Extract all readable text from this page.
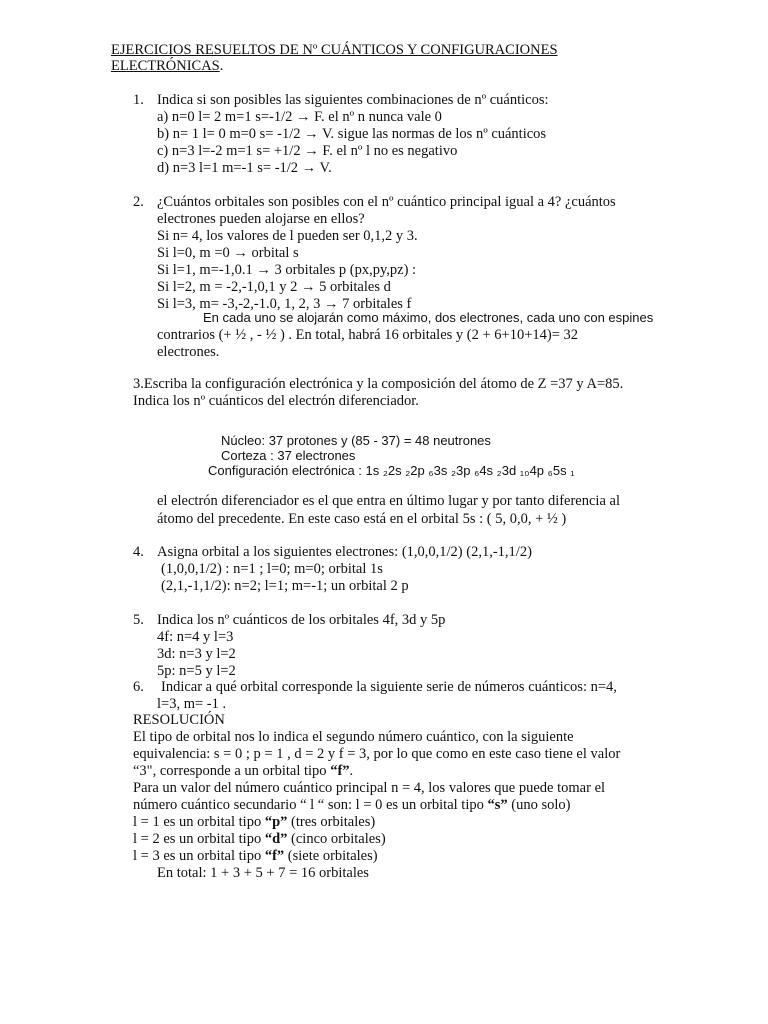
EJERCICIOS RESUELTOS DE Nº CUÁNTICOS Y CONFIGURACIONES
ELECTRÓNICAS.
1. Indica si son posibles las siguientes combinaciones de nº cuánticos:
a) n=0 l= 2 m=1 s=-1/2 → F. el nº n nunca vale 0
b) n= 1 l= 0 m=0 s= -1/2 → V. sigue las normas de los nº cuánticos
c) n=3 l=-2 m=1 s= +1/2 → F. el nº l no es negativo
d) n=3 l=1 m=-1 s= -1/2 → V.
2. ¿Cuántos orbitales son posibles con el nº cuántico principal igual a 4? ¿cuántos
electrones pueden alojarse en ellos?
Si n= 4, los valores de l pueden ser 0,1,2 y 3.
Si l=0, m =0 → orbital s
Si l=1, m=-1,0.1 → 3 orbitales p (px,py,pz) :
Si l=2, m = -2,-1,0,1 y 2 → 5 orbitales d
Si l=3, m= -3,-2,-1.0, 1, 2, 3 → 7 orbitales f
En cada uno se alojarán como máximo, dos electrones, cada uno con espines
contrarios (+ ½ , - ½ ) . En total, habrá 16 orbitales y (2 + 6+10+14)= 32
electrones.
3.Escriba la configuración electrónica y la composición del átomo de Z =37 y A=85.
Indica los nº cuánticos del electrón diferenciador.
Núcleo: 37 protones y (85 - 37) = 48 neutrones
Corteza : 37 electrones
Configuración electrónica : 1s ₂2s ₂2p ₆3s ₂3p ₆4s ₂3d ₁₀4p ₆5s ₁
el electrón diferenciador es el que entra en último lugar y por tanto diferencia al
átomo del precedente. En este caso está en el orbital 5s : ( 5, 0,0, + ½ )
4. Asigna orbital a los siguientes electrones: (1,0,0,1/2) (2,1,-1,1/2)
(1,0,0,1/2) : n=1 ; l=0; m=0; orbital 1s
(2,1,-1,1/2): n=2; l=1; m=-1; un orbital 2 p
5. Indica los nº cuánticos de los orbitales 4f, 3d y 5p
4f: n=4 y l=3
3d: n=3 y l=2
5p: n=5 y l=2
6. Indicar a qué orbital corresponde la siguiente serie de números cuánticos: n=4,
l=3, m= -1 .
RESOLUCIÓN
El tipo de orbital nos lo indica el segundo número cuántico, con la siguiente
equivalencia: s = 0 ; p = 1 , d = 2 y f = 3, por lo que como en este caso tiene el valor
“3", corresponde a un orbital tipo “f”.
Para un valor del número cuántico principal n = 4, los valores que puede tomar el
número cuántico secundario “ l “ son: l = 0 es un orbital tipo “s” (uno solo)
l = 1 es un orbital tipo “p” (tres orbitales)
l = 2 es un orbital tipo “d” (cinco orbitales)
l = 3 es un orbital tipo “f” (siete orbitales)
En total: 1 + 3 + 5 + 7 = 16 orbitales
